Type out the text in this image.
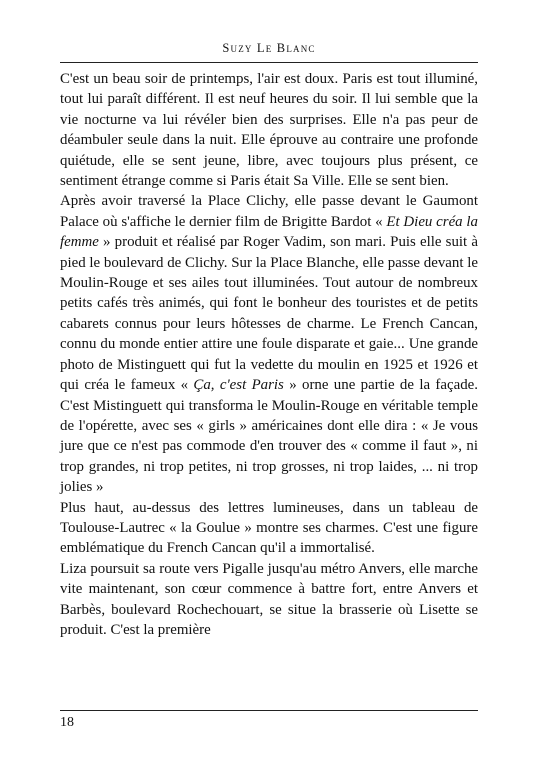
Suzy Le Blanc

C'est un beau soir de printemps, l'air est doux. Paris est tout illuminé, tout lui paraît différent. Il est neuf heures du soir. Il lui semble que la vie nocturne va lui révéler bien des surprises. Elle n'a pas peur de déambuler seule dans la nuit. Elle éprouve au contraire une profonde quiétude, elle se sent jeune, libre, avec toujours plus présent, ce sentiment étrange comme si Paris était Sa Ville. Elle se sent bien.

Après avoir traversé la Place Clichy, elle passe devant le Gaumont Palace où s'affiche le dernier film de Brigitte Bardot « Et Dieu créa la femme » produit et réalisé par Roger Vadim, son mari. Puis elle suit à pied le boulevard de Clichy. Sur la Place Blanche, elle passe devant le Moulin-Rouge et ses ailes tout illuminées. Tout autour de nombreux petits cafés très animés, qui font le bonheur des touristes et de petits cabarets connus pour leurs hôtesses de charme. Le French Cancan, connu du monde entier attire une foule disparate et gaie... Une grande photo de Mistinguett qui fut la vedette du moulin en 1925 et 1926 et qui créa le fameux « Ça, c'est Paris » orne une partie de la façade. C'est Mistinguett qui transforma le Moulin-Rouge en véritable temple de l'opérette, avec ses « girls » américaines dont elle dira : « Je vous jure que ce n'est pas commode d'en trouver des « comme il faut », ni trop grandes, ni trop petites, ni trop grosses, ni trop laides, ... ni trop jolies »

Plus haut, au-dessus des lettres lumineuses, dans un tableau de Toulouse-Lautrec « la Goulue » montre ses charmes. C'est une figure emblématique du French Cancan qu'il a immortalisé.

Liza poursuit sa route vers Pigalle jusqu'au métro Anvers, elle marche vite maintenant, son cœur commence à battre fort, entre Anvers et Barbès, boulevard Rochechouart, se situe la brasserie où Lisette se produit. C'est la première

18
